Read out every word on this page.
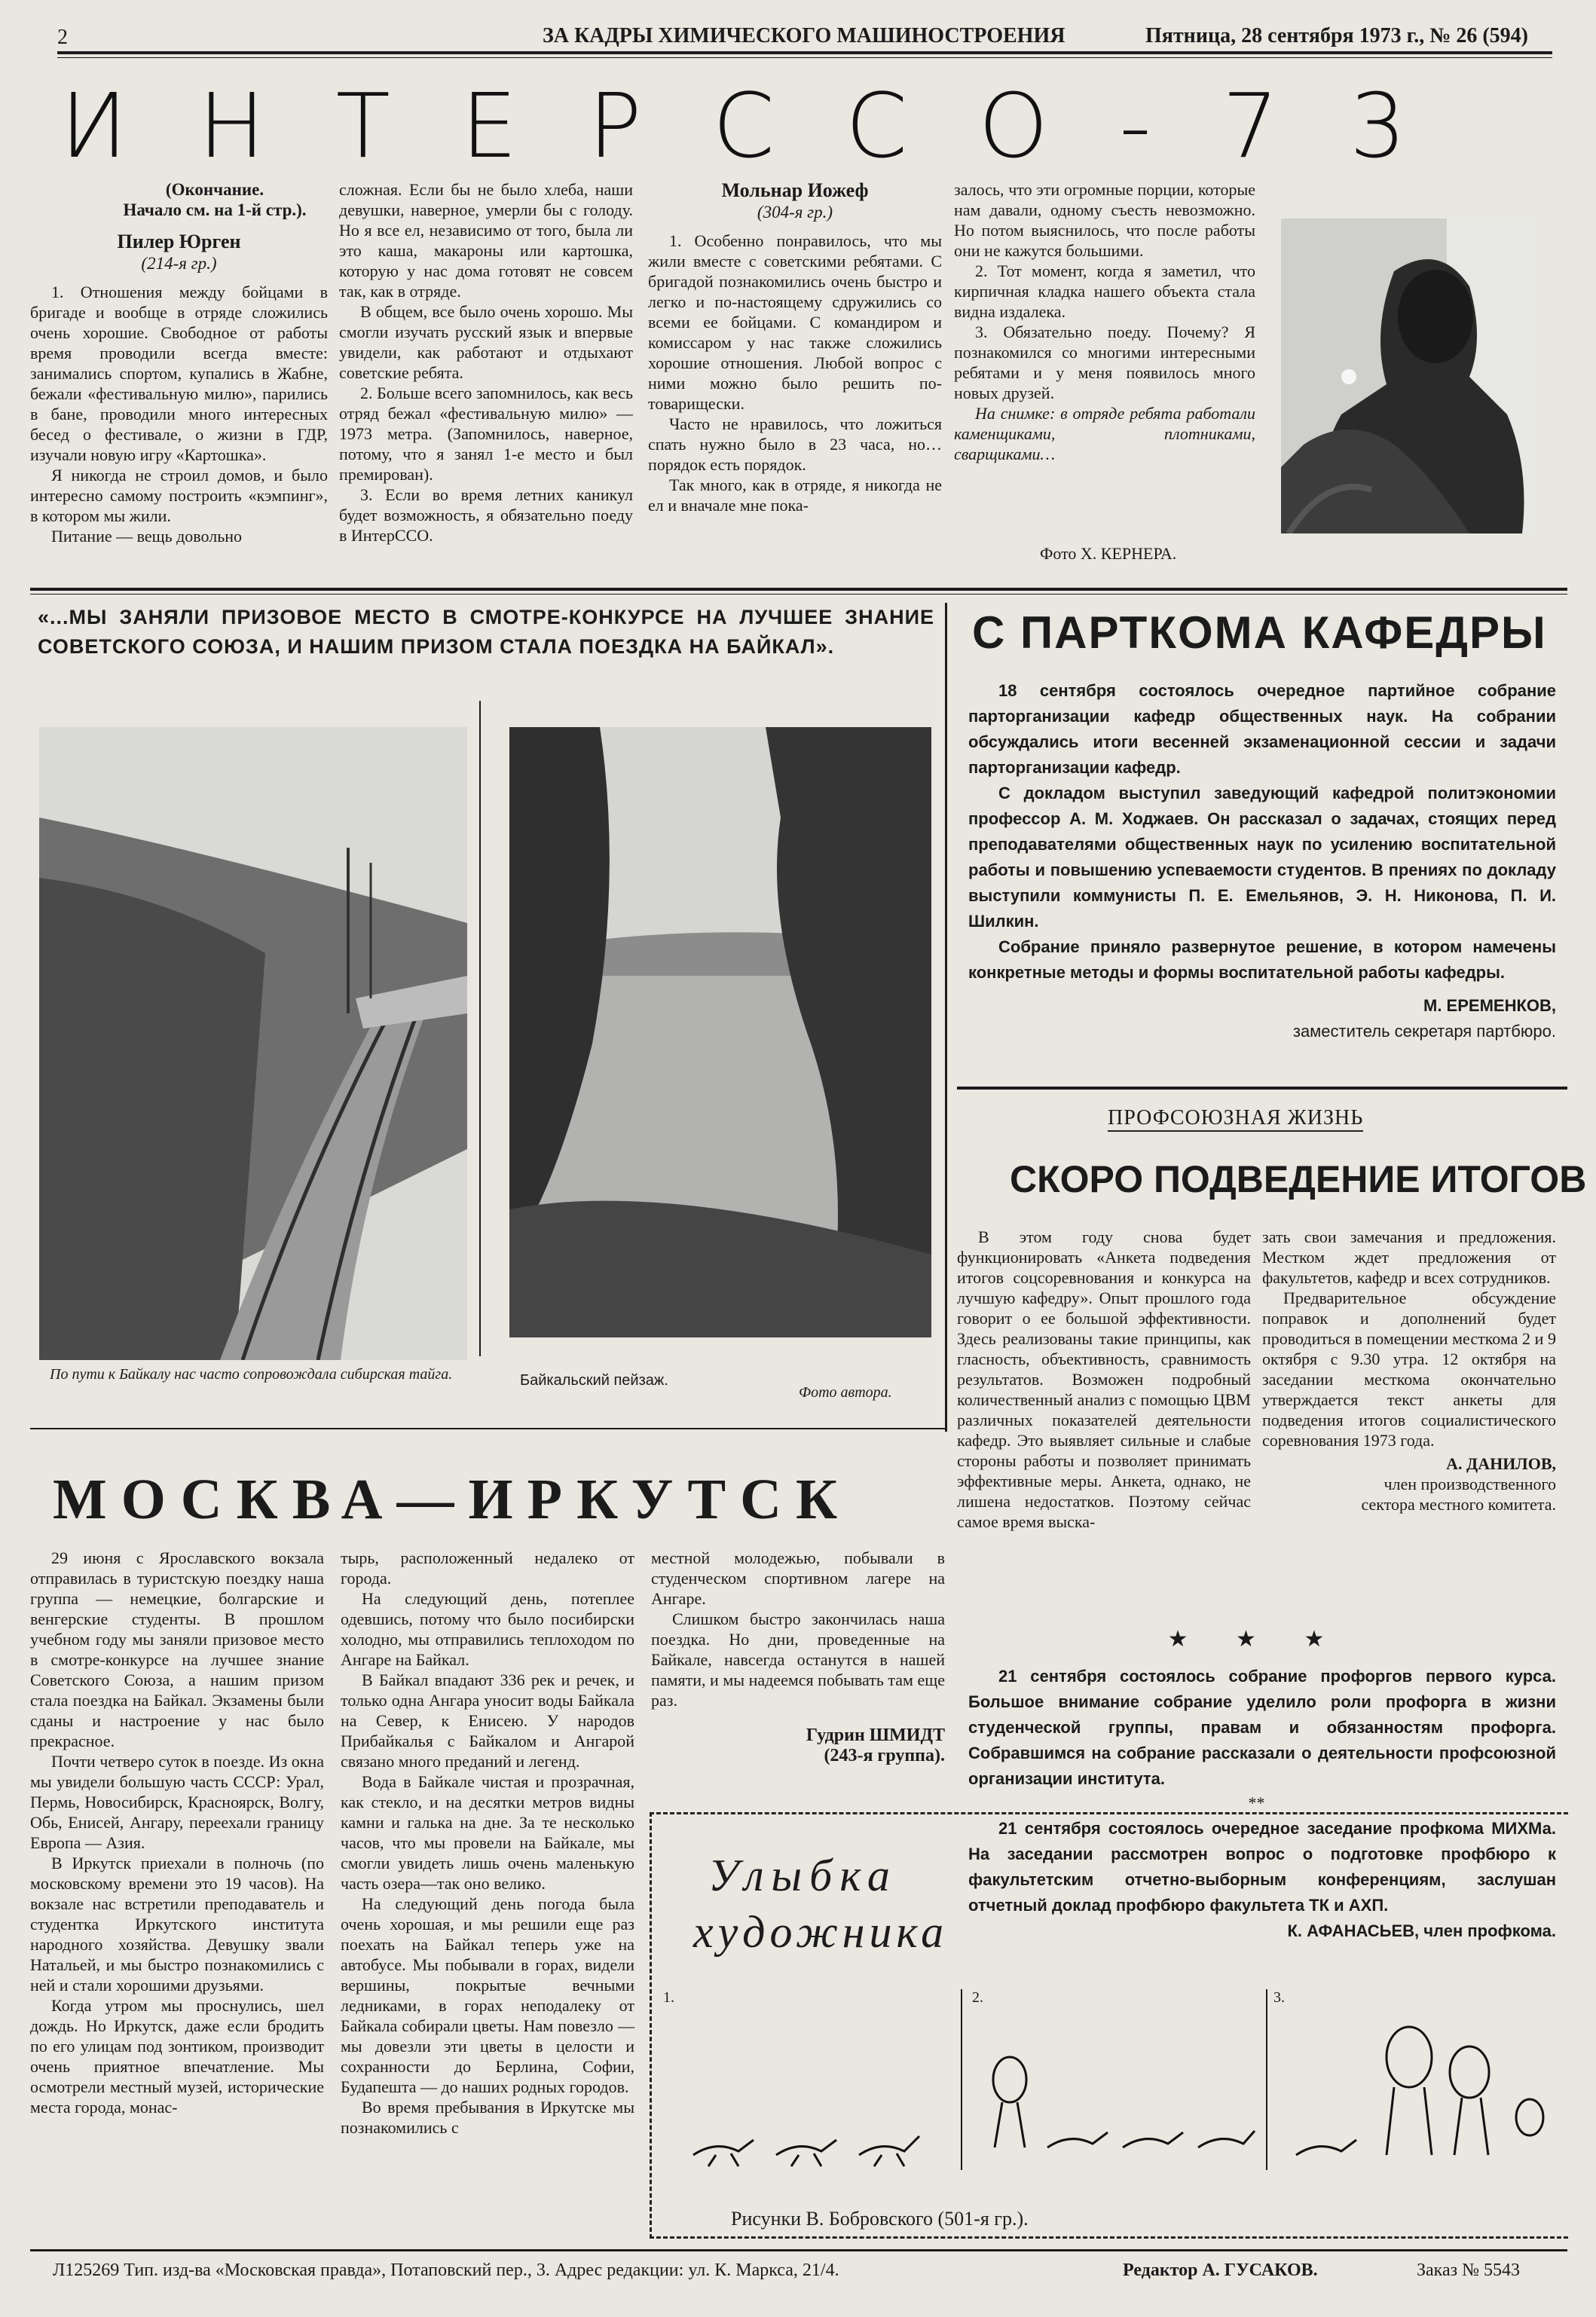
2	ЗА КАДРЫ ХИМИЧЕСКОГО МАШИНОСТРОЕНИЯ	Пятница, 28 сентября 1973 г., № 26 (594)
ИНТЕРССО-73
(Окончание.
Начало см. на 1-й стр.).
Пилер Юрген
(214-я гр.)

1. Отношения между бойцами в бригаде и вообще в отряде сложились очень хорошие. Свободное от работы время проводили всегда вместе: занимались спортом, купались в Жабне, бежали «фестивальную милю», парились в бане, проводили много интересных бесед о фестивале, о жизни в ГДР, изучали новую игру «Картошка».

Я никогда не строил домов, и было интересно самому построить «кэмпинг», в котором мы жили.

Питание — вещь довольно

сложная. Если бы не было хлеба, наши девушки, наверное, умерли бы с голоду. Но я все ел, независимо от того, была ли это каша, макароны или картошка, которую у нас дома готовят не совсем так, как в отряде.

В общем, все было очень хорошо. Мы смогли изучать русский язык и впервые увидели, как работают и отдыхают советские ребята.

2. Больше всего запомнилось, как весь отряд бежал «фестивальную милю» — 1973 метра. (Запомнилось, наверное, потому, что я занял 1-е место и был премирован).

3. Если во время летних каникул будет возможность, я обязательно поеду в ИнтерССО.

Мольнар Иожеф
(304-я гр.)

1. Особенно понравилось, что мы жили вместе с советскими ребятами. С бригадой познакомились очень быстро и легко и по-настоящему сдружились со всеми ее бойцами. С командиром и комиссаром у нас также сложились хорошие отношения. Любой вопрос с ними можно было решить по-товарищески.

Часто не нравилось, что ложиться спать нужно было в 23 часа, но… порядок есть порядок.

Так много, как в отряде, я никогда не ел и вначале мне пока-

залось, что эти огромные порции, которые нам давали, одному съесть невозможно. Но потом выяснилось, что после работы они не кажутся большими.

2. Тот момент, когда я заметил, что кирпичная кладка нашего объекта стала видна издалека.

3. Обязательно поеду. Почему? Я познакомился со многими интересными ребятами и у меня появилось много новых друзей.

На снимке: в отряде ребята работали каменщиками, плотниками, сварщиками…

Фото Х. КЕРНЕРА.
«...МЫ ЗАНЯЛИ ПРИЗОВОЕ МЕСТО В СМОТРЕ-КОНКУРСЕ НА ЛУЧШЕЕ ЗНАНИЕ СОВЕТСКОГО СОЮЗА, И НАШИМ ПРИЗОМ СТАЛА ПОЕЗДКА НА БАЙКАЛ».
По пути к Байкалу нас часто сопровождала сибирская тайга.	Байкальский пейзаж.
Фото автора.
МОСКВА—ИРКУТСК

29 июня с Ярославского вокзала отправилась в туристскую поездку наша группа — немецкие, болгарские и венгерские студенты. В прошлом учебном году мы заняли призовое место в смотре-конкурсе на лучшее знание Советского Союза, а нашим призом стала поездка на Байкал. Экзамены были сданы и настроение у нас было прекрасное.

Почти четверо суток в поезде. Из окна мы увидели большую часть СССР: Урал, Пермь, Новосибирск, Красноярск, Волгу, Обь, Енисей, Ангару, переехали границу Европа — Азия.

В Иркутск приехали в полночь (по московскому времени это 19 часов). На вокзале нас встретили преподаватель и студентка Иркутского института народного хозяйства. Девушку звали Натальей, и мы быстро познакомились с ней и стали хорошими друзьями.

Когда утром мы проснулись, шел дождь. Но Иркутск, даже если бродить по его улицам под зонтиком, производит очень приятное впечатление. Мы осмотрели местный музей, исторические места города, монас-

тырь, расположенный недалеко от города.

На следующий день, потеплее одевшись, потому что было посибирски холодно, мы отправились теплоходом по Ангаре на Байкал.

В Байкал впадают 336 рек и речек, и только одна Ангара уносит воды Байкала на Север, к Енисею. У народов Прибайкалья с Байкалом и Ангарой связано много преданий и легенд.

Вода в Байкале чистая и прозрачная, как стекло, и на десятки метров видны камни и галька на дне. За те несколько часов, что мы провели на Байкале, мы смогли увидеть лишь очень маленькую часть озера—так оно велико.

На следующий день погода была очень хорошая, и мы решили еще раз поехать на Байкал теперь уже на автобусе. Мы побывали в горах, видели вершины, покрытые вечными ледниками, в горах неподалеку от Байкала собирали цветы. Нам повезло — мы довезли эти цветы в целости и сохранности до Берлина, Софии, Будапешта — до наших родных городов.

Во время пребывания в Иркутске мы познакомились с

местной молодежью, побывали в студенческом спортивном лагере на Ангаре.

Слишком быстро закончилась наша поездка. Но дни, проведенные на Байкале, навсегда останутся в нашей памяти, и мы надеемся побывать там еще раз.

Гудрин ШМИДТ
(243-я группа).
Улыбка
художника
1.	2.	3.
Рисунки В. Бобровского (501-я гр.).
С ПАРТКОМА КАФЕДРЫ

18 сентября состоялось очередное партийное собрание парторганизации кафедр общественных наук. На собрании обсуждались итоги весенней экзаменационной сессии и задачи парторганизации кафедр.

С докладом выступил заведующий кафедрой политэкономии профессор А. М. Ходжаев. Он рассказал о задачах, стоящих перед преподавателями общественных наук по усилению воспитательной работы и повышению успеваемости студентов. В прениях по докладу выступили коммунисты П. Е. Емельянов, Э. Н. Никонова, П. И. Шилкин.

Собрание приняло развернутое решение, в котором намечены конкретные методы и формы воспитательной работы кафедры.

М. ЕРЕМЕНКОВ,
заместитель секретаря партбюро.
ПРОФСОЮЗНАЯ ЖИЗНЬ
СКОРО ПОДВЕДЕНИЕ ИТОГОВ

В этом году снова будет функционировать «Анкета подведения итогов соцсоревнования и конкурса на лучшую кафедру». Опыт прошлого года говорит о ее большой эффективности. Здесь реализованы такие принципы, как гласность, объективность, сравнимость результатов. Возможен подробный количественный анализ с помощью ЦВМ различных показателей деятельности кафедр. Это выявляет сильные и слабые стороны работы и позволяет принимать эффективные меры. Анкета, однако, не лишена недостатков. Поэтому сейчас самое время выска-

зать свои замечания и предложения. Местком ждет предложения от факультетов, кафедр и всех сотрудников.

Предварительное обсуждение поправок и дополнений будет проводиться в помещении месткома 2 и 9 октября с 9.30 утра. 12 октября на заседании месткома окончательно утверждается текст анкеты для подведения итогов социалистического соревнования 1973 года.

А. ДАНИЛОВ,
член производственного сектора местного комитета.
★ ★ ★

21 сентября состоялось собрание профоргов первого курса. Большое внимание собрание уделило роли профорга в жизни студенческой группы, правам и обязанностям профорга. Собравшимся на собрание рассказали о деятельности профсоюзной организации института.

**

21 сентября состоялось очередное заседание профкома МИХМа. На заседании рассмотрен вопрос о подготовке профбюро к факультетским отчетно-выборным конференциям, заслушан отчетный доклад профбюро факультета ТК и АХП.

К. АФАНАСЬЕВ, член профкома.
Л125269 Тип. изд-ва «Московская правда», Потаповский пер., 3. Адрес редакции: ул. К. Маркса, 21/4.	Редактор А. ГУСАКОВ.	Заказ № 5543
